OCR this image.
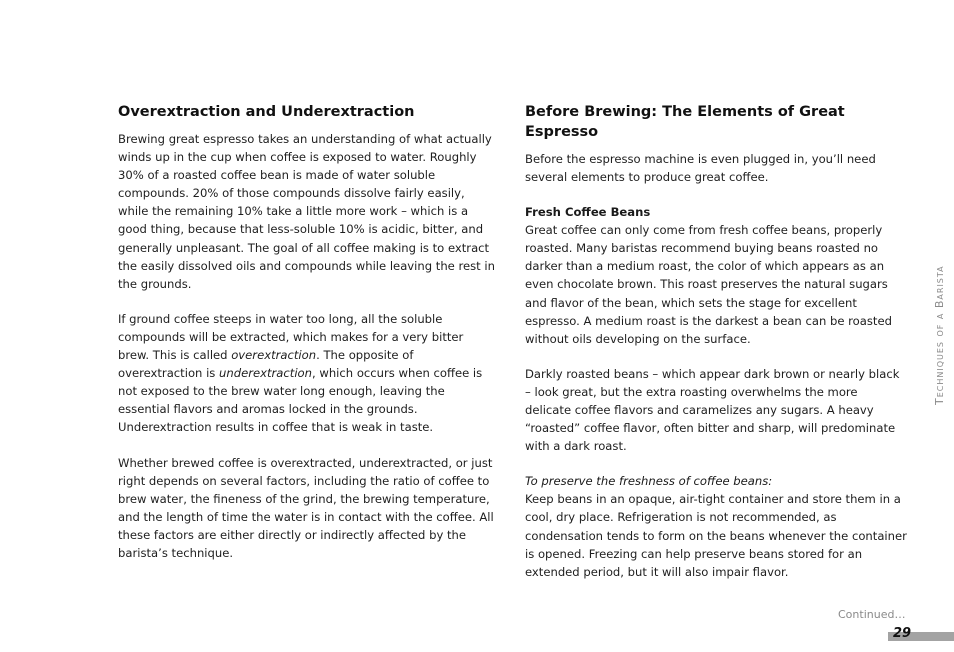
Overextraction and Underextraction

Brewing great espresso takes an understanding of what actually winds up in the cup when coffee is exposed to water. Roughly 30% of a roasted coffee bean is made of water soluble compounds. 20% of those compounds dissolve fairly easily, while the remaining 10% take a little more work – which is a good thing, because that less-soluble 10% is acidic, bitter, and generally unpleasant. The goal of all coffee making is to extract the easily dissolved oils and compounds while leaving the rest in the grounds.

If ground coffee steeps in water too long, all the soluble compounds will be extracted, which makes for a very bitter brew. This is called overextraction. The opposite of overextraction is underextraction, which occurs when coffee is not exposed to the brew water long enough, leaving the essential flavors and aromas locked in the grounds. Underextraction results in coffee that is weak in taste.

Whether brewed coffee is overextracted, underextracted, or just right depends on several factors, including the ratio of coffee to brew water, the fineness of the grind, the brewing temperature, and the length of time the water is in contact with the coffee. All these factors are either directly or indirectly affected by the barista’s technique.

Before Brewing: The Elements of Great Espresso

Before the espresso machine is even plugged in, you’ll need several elements to produce great coffee.

Fresh Coffee Beans

Great coffee can only come from fresh coffee beans, properly roasted. Many baristas recommend buying beans roasted no darker than a medium roast, the color of which appears as an even chocolate brown. This roast preserves the natural sugars and flavor of the bean, which sets the stage for excellent espresso. A medium roast is the darkest a bean can be roasted without oils developing on the surface.

Darkly roasted beans – which appear dark brown or nearly black – look great, but the extra roasting overwhelms the more delicate coffee flavors and caramelizes any sugars. A heavy “roasted” coffee flavor, often bitter and sharp, will predominate with a dark roast.

To preserve the freshness of coffee beans:

Keep beans in an opaque, air-tight container and store them in a cool, dry place. Refrigeration is not recommended, as condensation tends to form on the beans whenever the container is opened. Freezing can help preserve beans stored for an extended period, but it will also impair flavor.

Techniques of a Barista
Continued…
29
